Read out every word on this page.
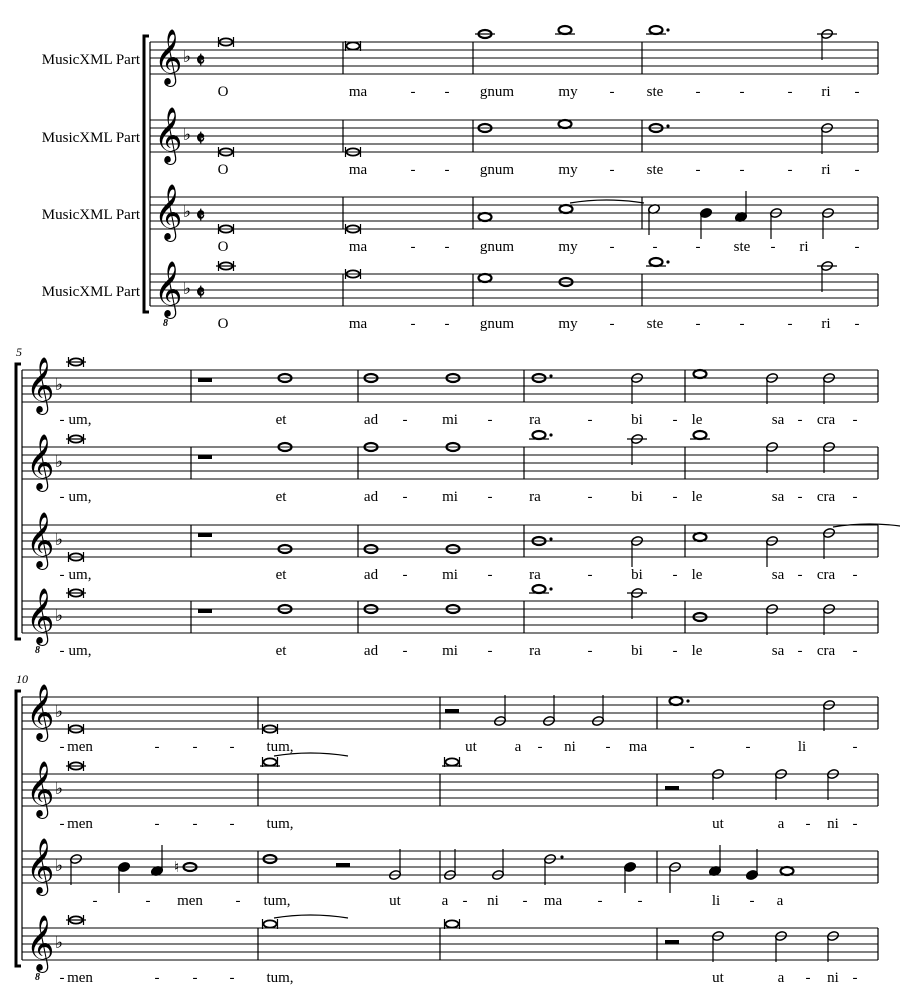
MusicXML Part 𝄞 ♭ 𝄵
O	ma	- - gnum	my - ste -	-	- ri -
MusicXML Part 𝄞 ♭ 𝄵
O	ma	- - gnum	my - ste -	-	- ri -
MusicXML Part 𝄞 ♭ 𝄵
O	ma	- - gnum	my -	-	- ste - ri	-
MusicXML Part 𝄞
8
♭ 𝄵
O	ma	- - gnum	my - ste -	-	- ri -
5
𝄞 ♭
- um,	et	ad - mi - ra	-	bi - le	sa - cra -
𝄞 ♭
- um,	et	ad - mi - ra	-	bi - le	sa - cra -
𝄞 ♭
- um,	et	ad - mi - ra	-	bi - le	sa - cra -
𝄞
8
♭
- um,	et	ad - mi - ra	-	bi - le	sa - cra -
10
𝄞 ♭
- men	- - - tum,	ut	a - ni - ma	-	-	li	-
𝄞 ♭
- men	- - - tum,	ut	a - ni -
𝄞 ♭
-	- men - tum,	ut	a - ni - ma - -	li - a
𝄞
8
♭
- men	- - - tum,	ut	a - ni -
♮
